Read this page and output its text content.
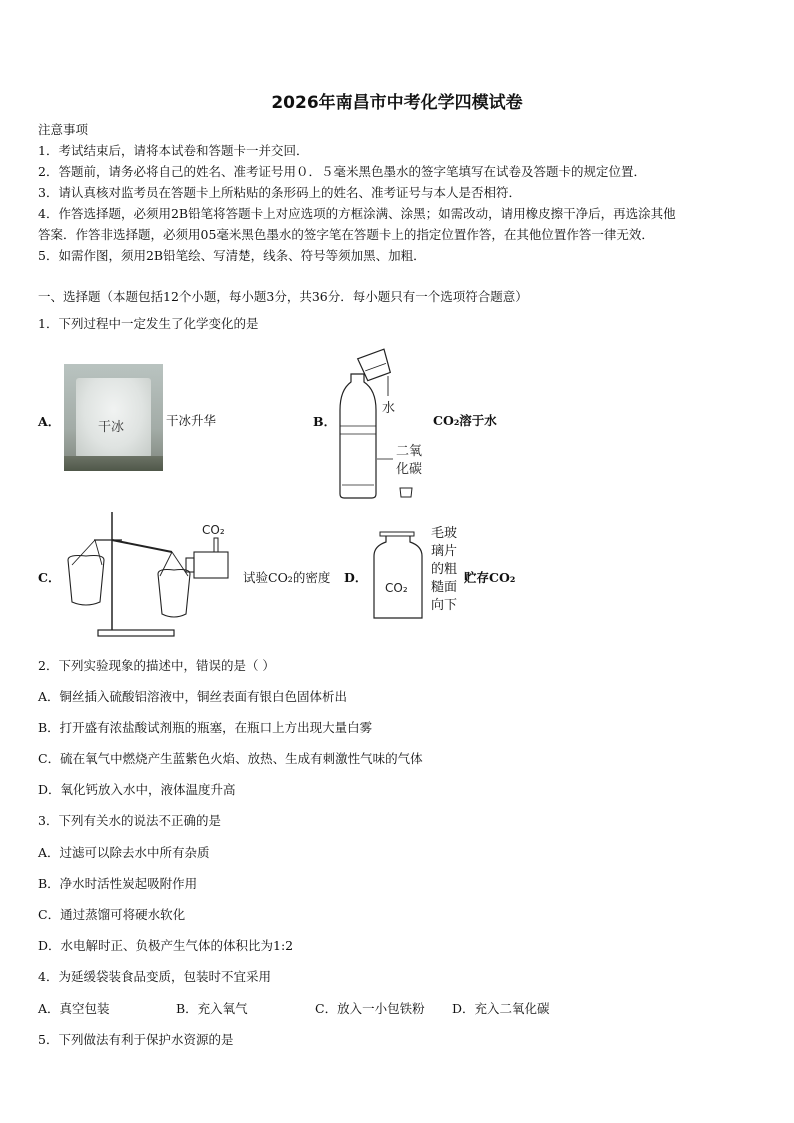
2026年南昌市中考化学四模试卷
注意事项
1．考试结束后，请将本试卷和答题卡一并交回．
2．答题前，请务必将自己的姓名、准考证号用０．５毫米黑色墨水的签字笔填写在试卷及答题卡的规定位置．
3．请认真核对监考员在答题卡上所粘贴的条形码上的姓名、准考证号与本人是否相符．
4．作答选择题，必须用2B铅笔将答题卡上对应选项的方框涂满、涂黑；如需改动，请用橡皮擦干净后，再选涂其他
答案．作答非选择题，必须用05毫米黑色墨水的签字笔在答题卡上的指定位置作答，在其他位置作答一律无效．
5．如需作图，须用2B铅笔绘、写清楚，线条、符号等须加黑、加粗．
一、选择题（本题包括12个小题，每小题3分，共36分．每小题只有一个选项符合题意）
1．下列过程中一定发生了化学变化的是
A．	干冰	干冰升华	B．
水
二氧
化碳
CO₂溶于水
C．
CO₂
试验CO₂的密度 D．
CO₂
毛玻
璃片
的粗
糙面
向下
贮存CO₂
2．下列实验现象的描述中，错误的是（ ）
A．铜丝插入硫酸铝溶液中，铜丝表面有银白色固体析出
B．打开盛有浓盐酸试剂瓶的瓶塞，在瓶口上方出现大量白雾
C．硫在氧气中燃烧产生蓝紫色火焰、放热、生成有刺激性气味的气体
D．氧化钙放入水中，液体温度升高
3．下列有关水的说法不正确的是
A．过滤可以除去水中所有杂质
B．净水时活性炭起吸附作用
C．通过蒸馏可将硬水软化
D．水电解时正、负极产生气体的体积比为1:2
4．为延缓袋装食品变质，包装时不宜采用
A．真空包装	B．充入氧气	C．放入一小包铁粉 D．充入二氧化碳
5．下列做法有利于保护水资源的是
